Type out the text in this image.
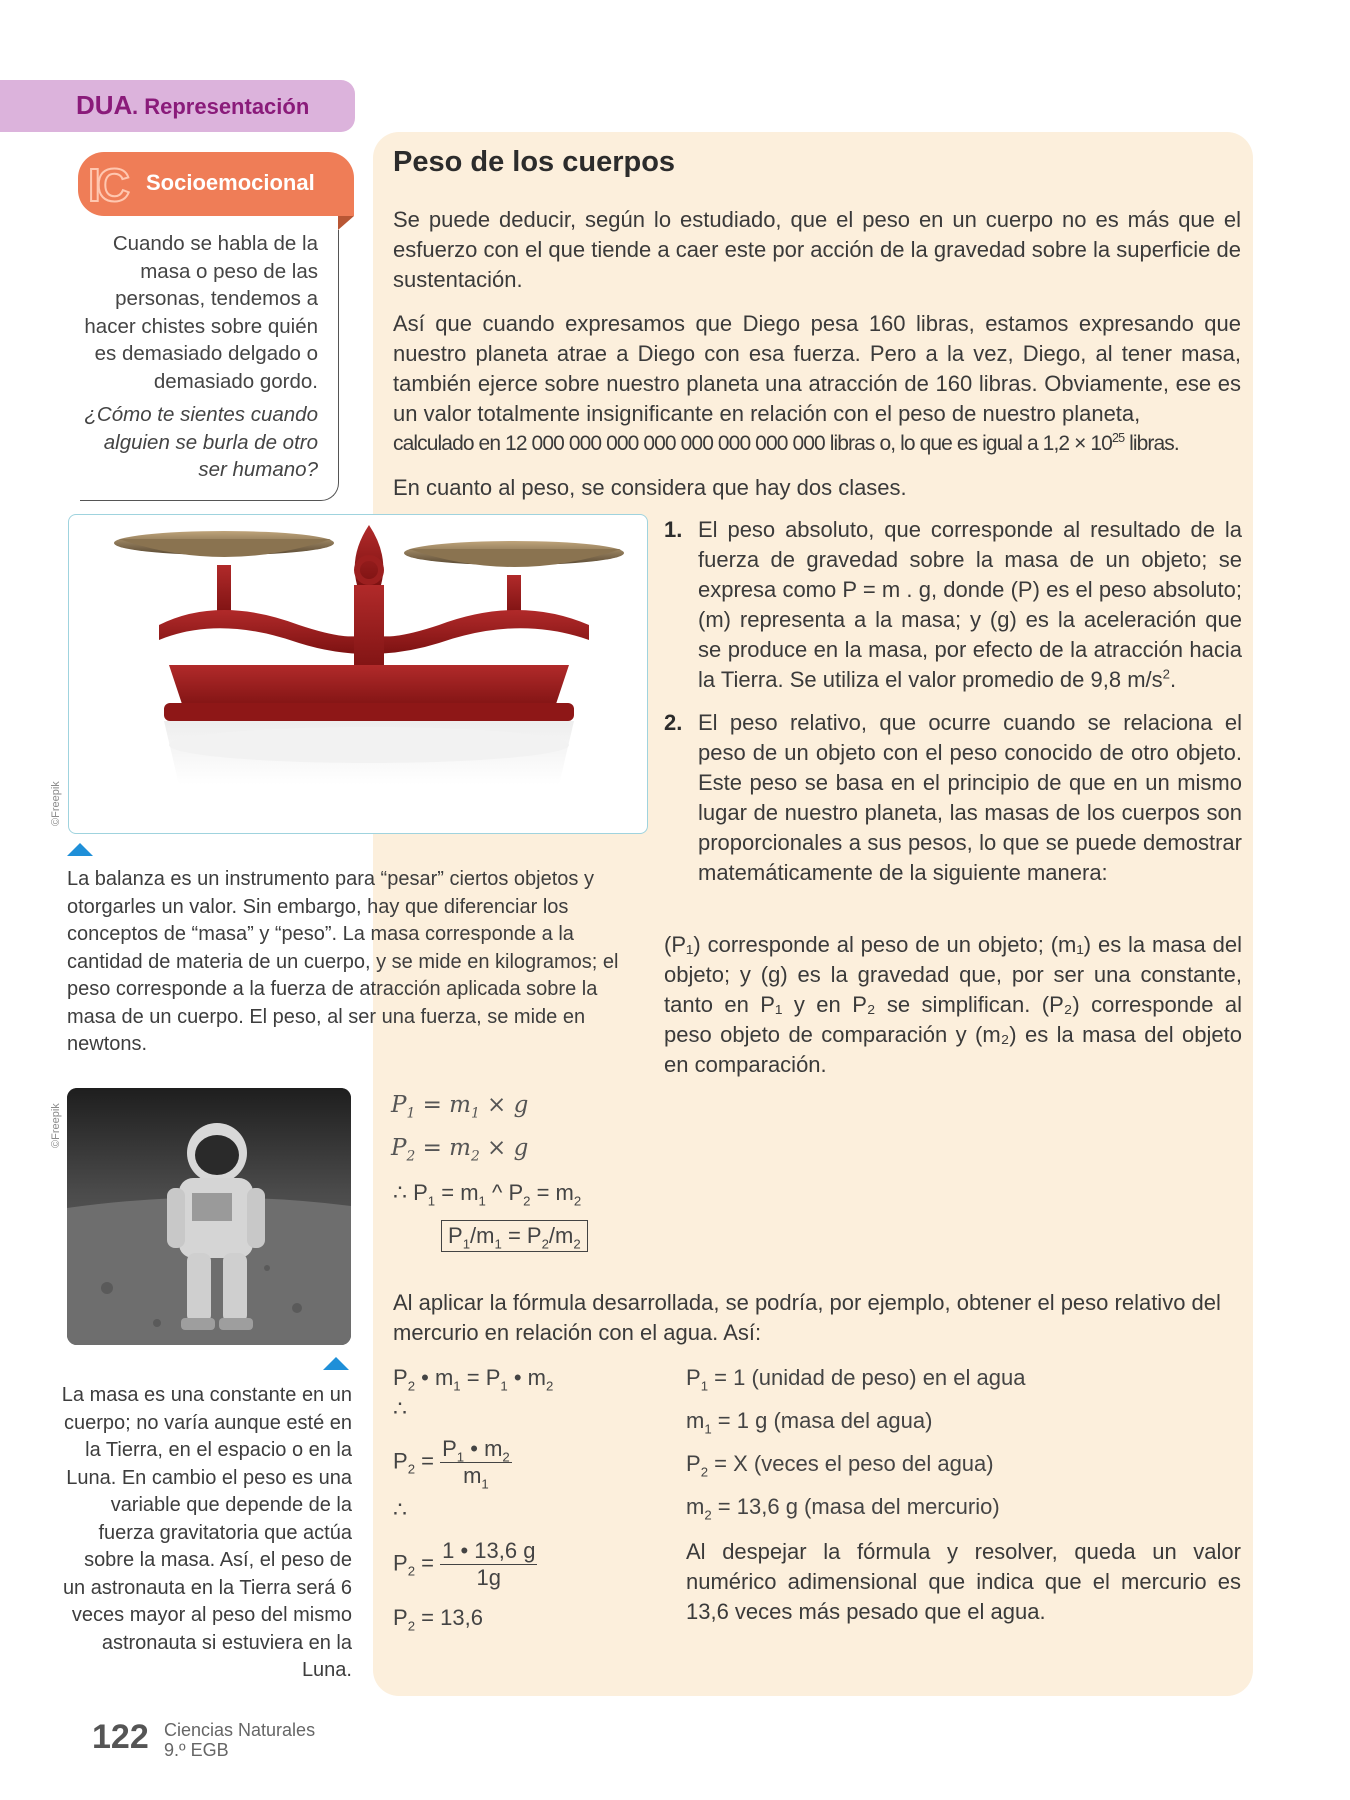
DUA . Representación
IC Socioemocional
Cuando se habla de la masa o peso de las personas, tendemos a hacer chistes sobre quién es demasiado delgado o demasiado gordo.
¿Cómo te sientes cuando alguien se burla de otro ser humano?
Peso de los cuerpos
Se puede deducir, según lo estudiado, que el peso en un cuerpo no es más que el esfuerzo con el que tiende a caer este por acción de la gravedad sobre la superficie de sustentación.
Así que cuando expresamos que Diego pesa 160 libras, estamos expresando que nuestro planeta atrae a Diego con esa fuerza. Pero a la vez, Diego, al tener masa, también ejerce sobre nuestro planeta una atracción de 160 libras. Obviamente, ese es un valor totalmente insignificante en relación con el peso de nuestro planeta,
calculado en 12 000 000 000 000 000 000 000 000 libras o, lo que es igual a $1,2 \times 10^{25}$ libras.
En cuanto al peso, se considera que hay dos clases.
©Freepik
La balanza es un instrumento para “pesar” ciertos objetos y otorgarles un valor. Sin embargo, hay que diferenciar los conceptos de “masa” y “peso”. La masa corresponde a la cantidad de materia de un cuerpo, y se mide en kilogramos; el peso corresponde a la fuerza de atracción aplicada sobre la masa de un cuerpo. El peso, al ser una fuerza, se mide en newtons.
1. El peso absoluto, que corresponde al resultado de la fuerza de gravedad sobre la masa de un objeto; se expresa como P = m . g, donde (P) es el peso absoluto; (m) representa a la masa; y (g) es la aceleración que se produce en la masa, por efecto de la atracción hacia la Tierra. Se utiliza el valor promedio de 9,8 $m/s^2$.
2. El peso relativo, que ocurre cuando se relaciona el peso de un objeto con el peso conocido de otro objeto. Este peso se basa en el principio de que en un mismo lugar de nuestro planeta, las masas de los cuerpos son proporcionales a sus pesos, lo que se puede demostrar matemáticamente de la siguiente manera:
(P₁) corresponde al peso de un objeto; (m₁) es la masa del objeto; y (g) es la gravedad que, por ser una constante, tanto en P₁ y en P₂ se simplifican. (P₂) corresponde al peso objeto de comparación y (m₂) es la masa del objeto en comparación.
©Freepik
La masa es una constante en un cuerpo; no varía aunque esté en la Tierra, en el espacio o en la Luna. En cambio el peso es una variable que depende de la fuerza gravitatoria que actúa sobre la masa. Así, el peso de un astronauta en la Tierra será 6 veces mayor al peso del mismo astronauta si estuviera en la Luna.
$P_1 = m_1 \times g$
$P_2 = m_2 \times g$
∴ $P_1 = m_1$ ^ $P_2 = m_2$
$P_1/m_1 = P_2/m_2$
Al aplicar la fórmula desarrollada, se podría, por ejemplo, obtener el peso relativo del mercurio en relación con el agua. Así:
$P_2$ • $m_1 = P_1$ • $m_2$
∴
$P_2 = \frac{P_1 • m_2}{m_1}$
∴
$P_2 = \frac{1 • 13,6 g}{1g}$
$P_2 = 13,6$
$P_1 = 1$ (unidad de peso) en el agua
$m_1 = 1$ g (masa del agua)
$P_2 = X$ (veces el peso del agua)
$m_2 = 13,6$ g (masa del mercurio)
Al despejar la fórmula y resolver, queda un valor numérico adimensional que indica que el mercurio es 13,6 veces más pesado que el agua.
122 Ciencias Naturales
9.º EGB
